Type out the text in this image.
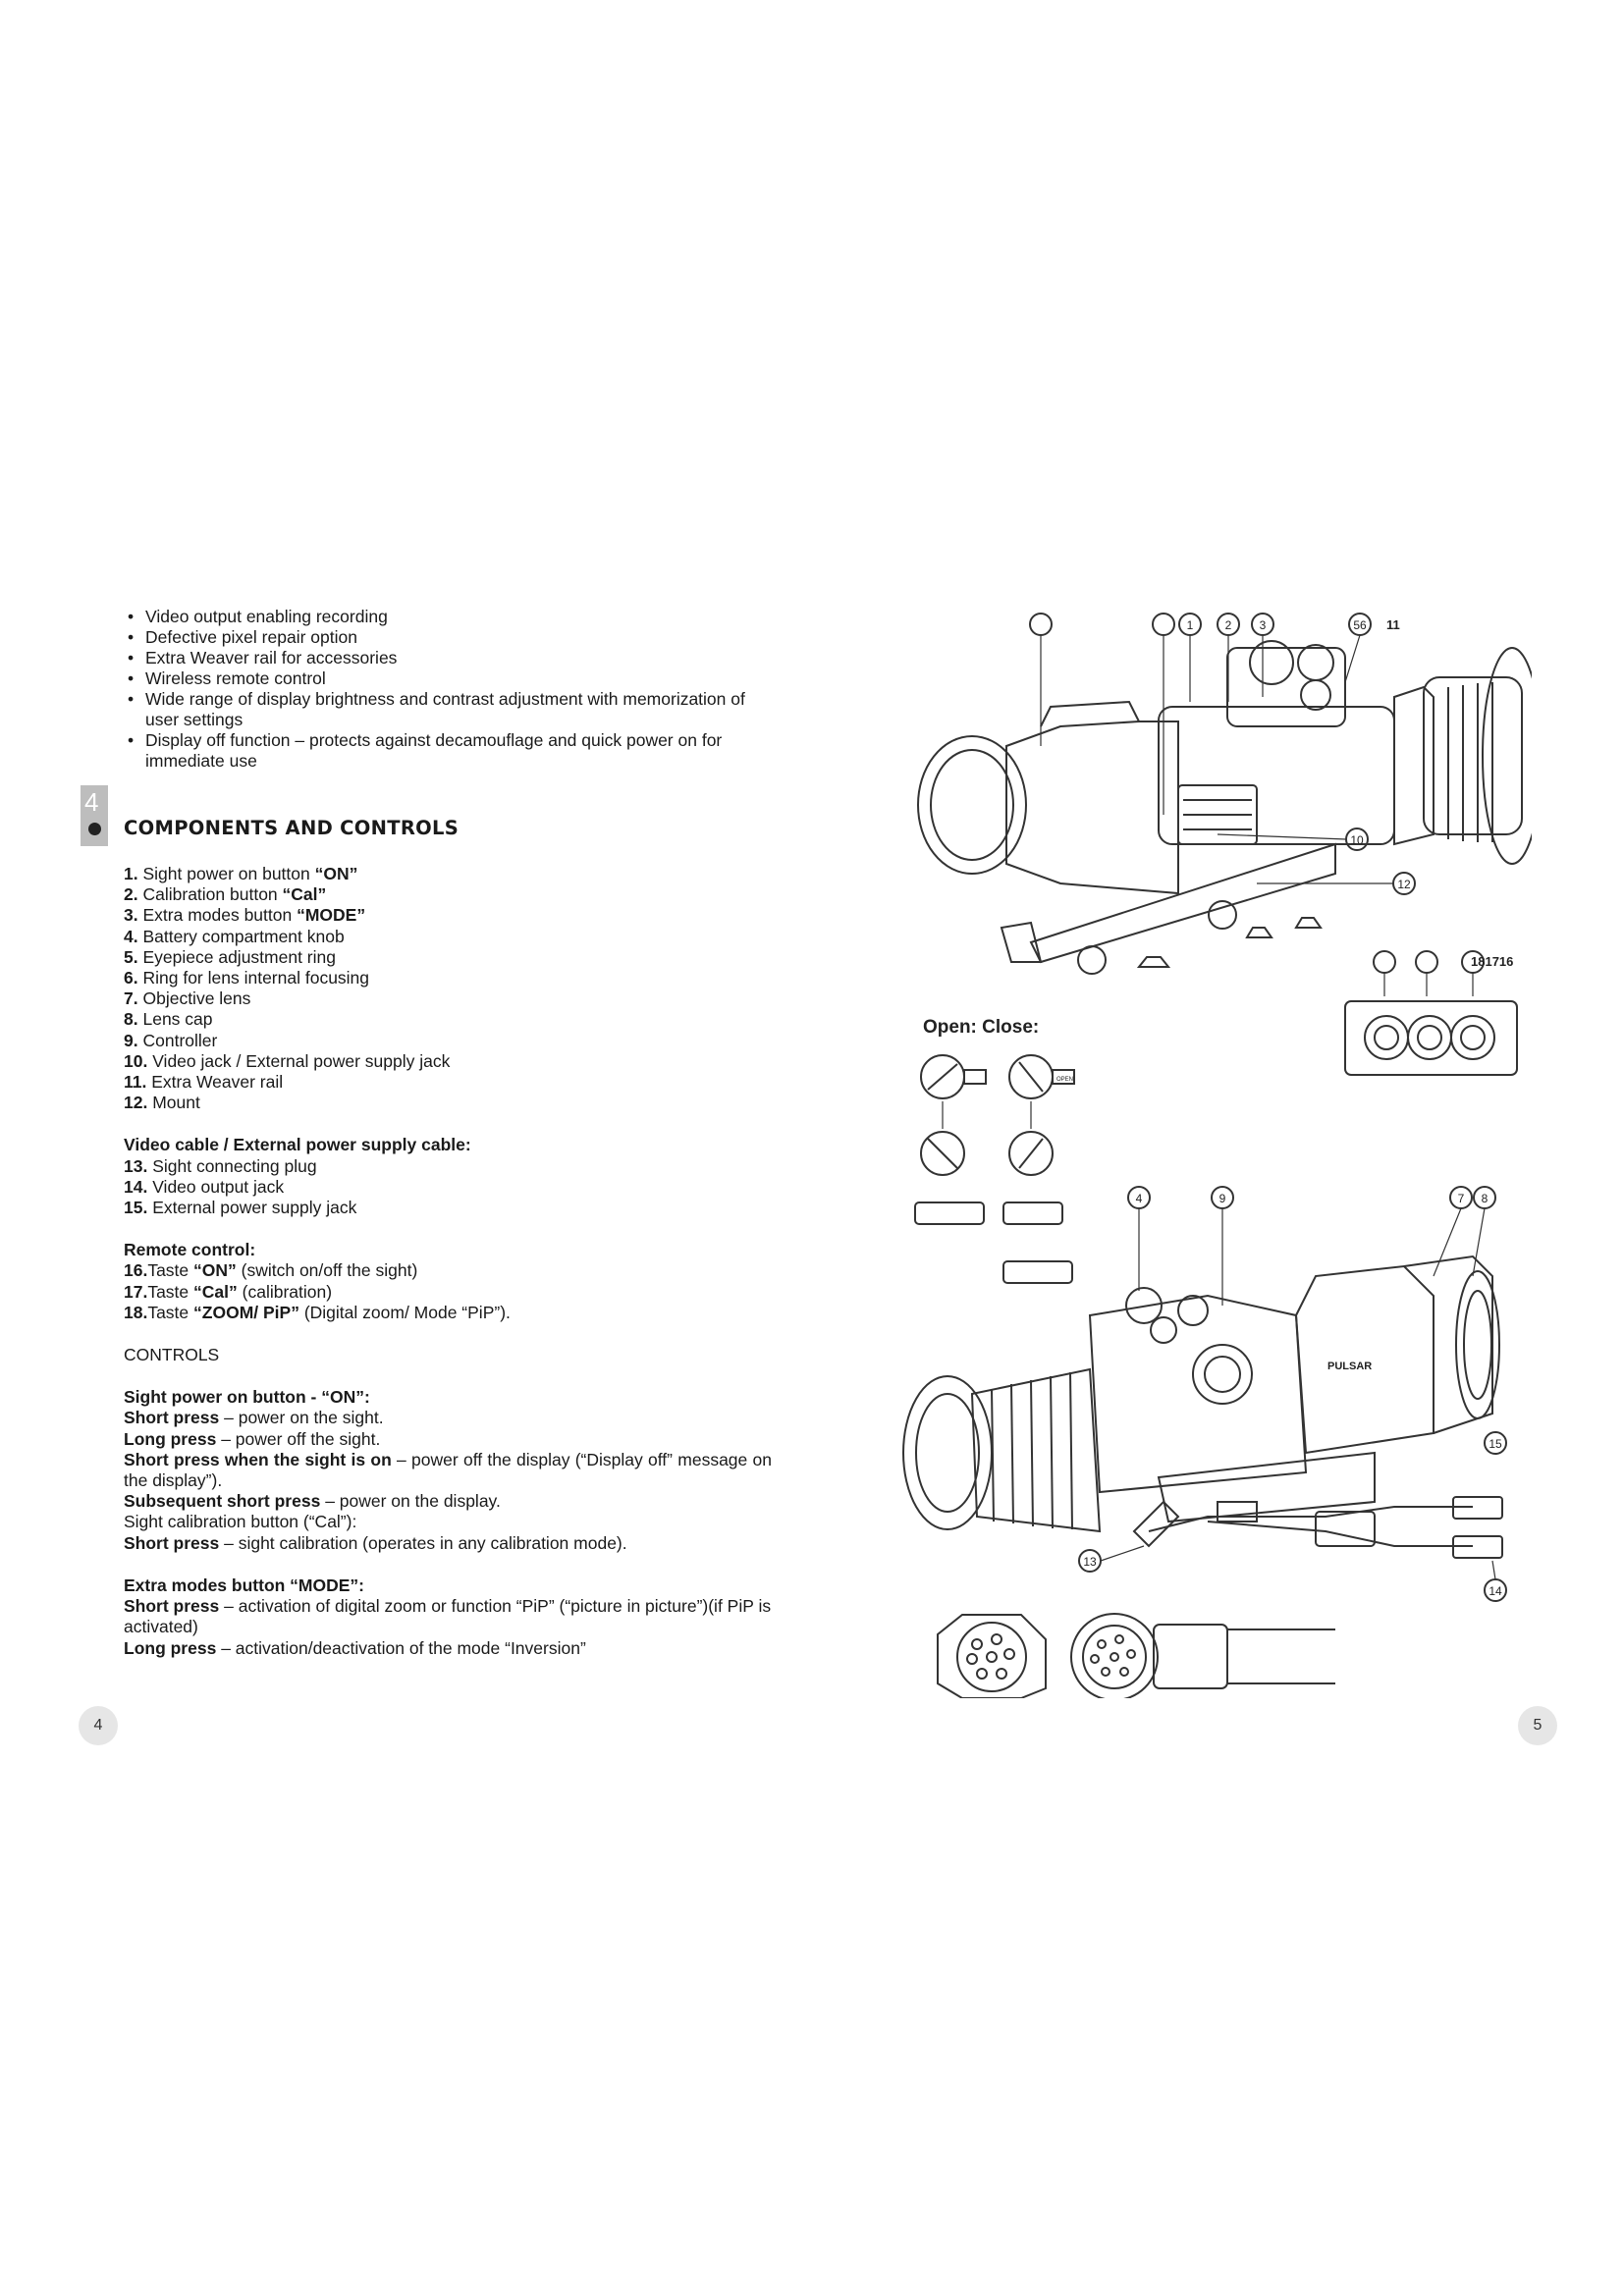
• Video output enabling recording
• Defective pixel repair option
• Extra Weaver rail for accessories
• Wireless remote control
• Wide range of display brightness and contrast adjustment with memorization of user settings
• Display off function – protects against decamouflage and quick power on for immediate use
4
COMPONENTS AND CONTROLS
1. Sight power on button “ON”
2. Calibration button “Cal”
3. Extra modes button “MODE”
4. Battery compartment knob
5. Eyepiece adjustment ring
6. Ring for lens internal focusing
7. Objective lens
8. Lens cap
9. Controller
10. Video jack / External power supply jack
11. Extra Weaver rail
12. Mount
Video cable / External power supply cable:
13. Sight connecting plug
14. Video output jack
15. External power supply jack
Remote control:
16.Taste “ON” (switch on/off the sight)
17.Taste “Cal” (calibration)
18.Taste “ZOOM/ PiP” (Digital zoom/ Mode “PiP”).
CONTROLS
Sight power on button - “ON”:
Short press – power on the sight.
Long press – power off the sight.
Short press when the sight is on – power off the display (“Display off” message on the display”).
Subsequent short press – power on the display.
Sight calibration button (“Cal”):
Short press – sight calibration (operates in any calibration mode).
Extra modes button “MODE”:
Short press – activation of digital zoom or function “PiP” (“picture in picture”)(if PiP is activated)
Long press – activation/deactivation of the mode “Inversion”
4	5
1	2 3	56 11
10
12
181716
Open: Close:
OPEN
4	9	7 8
PULSAR
15
13
14
